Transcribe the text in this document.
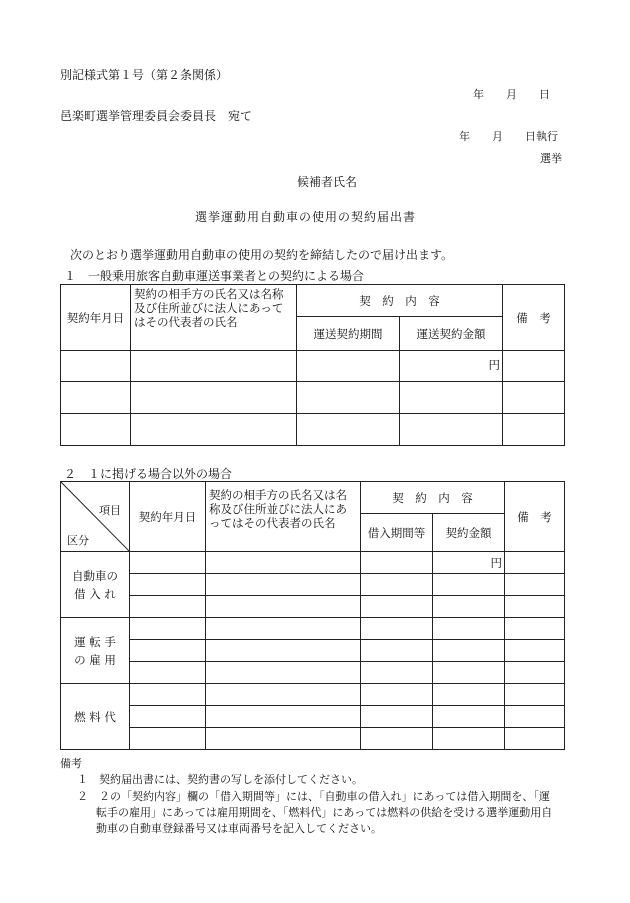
別記様式第１号（第２条関係）
年　　月　　日
邑楽町選挙管理委員会委員長　宛て
年　　月　　日執行
選挙
候補者氏名
選挙運動用自動車の使用の契約届出書
次のとおり選挙運動用自動車の使用の契約を締結したので届け出ます。
１　一般乗用旅客自動車運送事業者との契約による場合
契約年月日	契約の相手方の氏名又は名称及び住所並びに法人にあってはその代表者の氏名	契　約　内　容		備　考
		運送契約期間	運送契約金額	
			円	

２　１に掲げる場合以外の場合
項目
区分	契約年月日	契約の相手方の氏名又は名称及び住所並びに法人にあってはその代表者の氏名	契　約　内　容		備　考
			借入期間等	契約金額	

自動車の
借 入 れ				円	

運 転 手
の 雇 用					

燃 料 代					

備考
１　契約届出書には、契約書の写しを添付してください。
２　２の「契約内容」欄の「借入期間等」には、「自動車の借入れ」にあっては借入期間を、「運
転手の雇用」にあっては雇用期間を、「燃料代」にあっては燃料の供給を受ける選挙運動用自
動車の自動車登録番号又は車両番号を記入してください。
